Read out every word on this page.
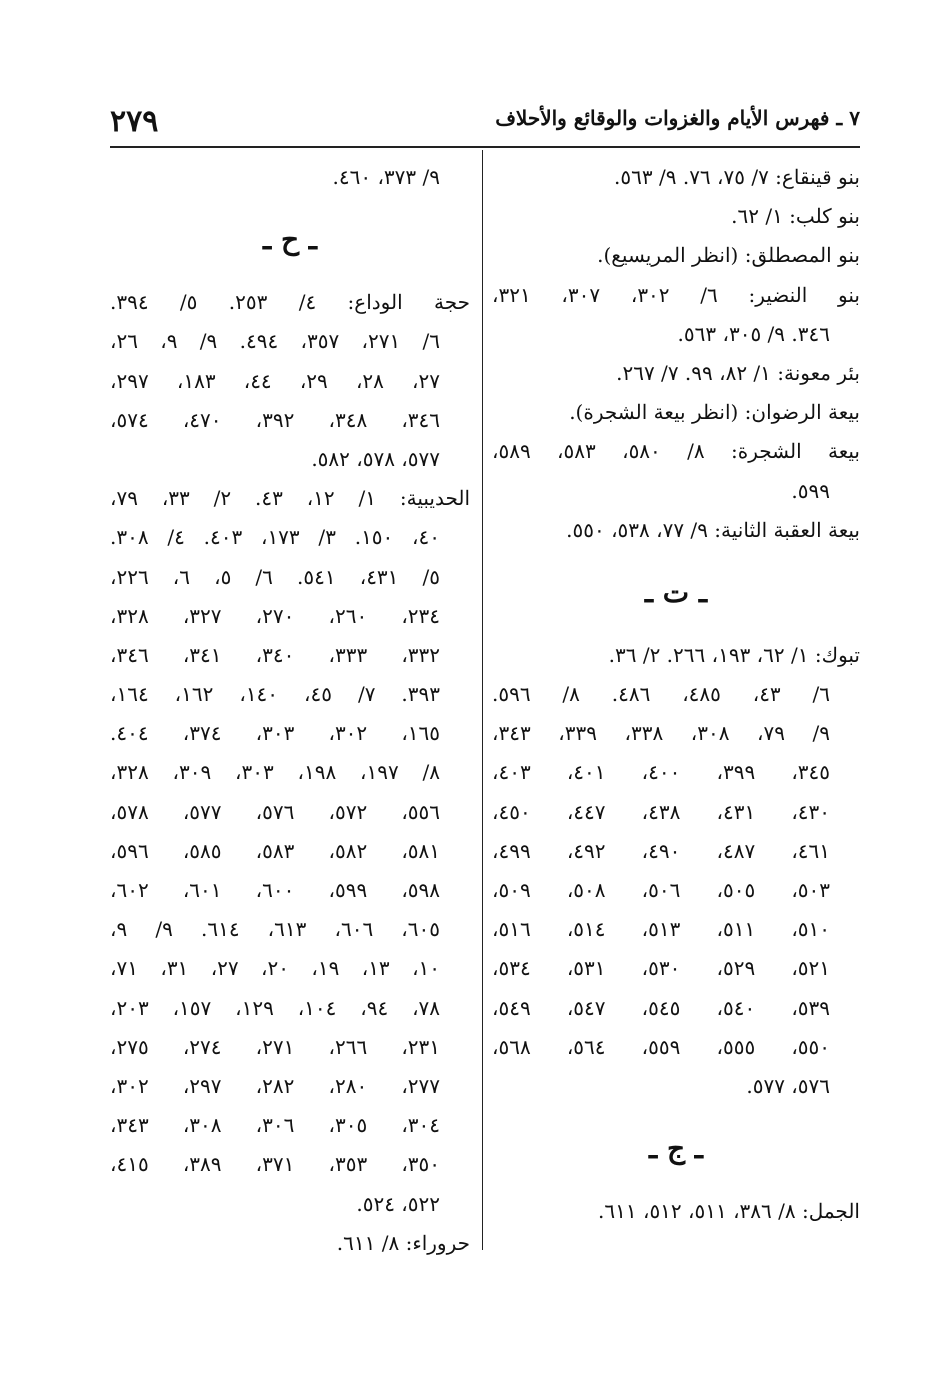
٢٧٩	٧ ـ فهرس الأيام والغزوات والوقائع والأحلاف
بنو قينقاع: ٧/ ٧٥، ٧٦. ٩/ ٥٦٣.
بنو كلب: ١/ ٦٢.
بنو المصطلق: (انظر المريسيع).
بنو النضير: ٦/ ٣٠٢، ٣٠٧، ٣٢١،
٣٤٦. ٩/ ٣٠٥، ٥٦٣.
بئر معونة: ١/ ٨٢، ٩٩. ٧/ ٢٦٧.
بيعة الرضوان: (انظر بيعة الشجرة).
بيعة الشجرة: ٨/ ٥٨٠، ٥٨٣، ٥٨٩،
٥٩٩.
بيعة العقبة الثانية: ٩/ ٧٧، ٥٣٨، ٥٥٠.
ـ ت ـ
تبوك: ١/ ٦٢، ١٩٣، ٢٦٦. ٢/ ٣٦.
٦/ ٤٣، ٤٨٥، ٤٨٦. ٨/ ٥٩٦.
٩/ ٧٩، ٣٠٨، ٣٣٨، ٣٣٩، ٣٤٣،
٣٤٥، ٣٩٩، ٤٠٠، ٤٠١، ٤٠٣،
٤٣٠، ٤٣١، ٤٣٨، ٤٤٧، ٤٥٠،
٤٦١، ٤٨٧، ٤٩٠، ٤٩٢، ٤٩٩،
٥٠٣، ٥٠٥، ٥٠٦، ٥٠٨، ٥٠٩،
٥١٠، ٥١١، ٥١٣، ٥١٤، ٥١٦،
٥٢١، ٥٢٩، ٥٣٠، ٥٣١، ٥٣٤،
٥٣٩، ٥٤٠، ٥٤٥، ٥٤٧، ٥٤٩،
٥٥٠، ٥٥٥، ٥٥٩، ٥٦٤، ٥٦٨،
٥٧٦، ٥٧٧.
ـ ج ـ
الجمل: ٨/ ٣٨٦، ٥١١، ٥١٢، ٦١١.
٩/ ٣٧٣، ٤٦٠.
ـ ح ـ
حجة الوداع: ٤/ ٢٥٣. ٥/ ٣٩٤.
٦/ ٢٧١، ٣٥٧، ٤٩٤. ٩/ ٩، ٢٦،
٢٧، ٢٨، ٢٩، ٤٤، ١٨٣، ٢٩٧،
٣٤٦، ٣٤٨، ٣٩٢، ٤٧٠، ٥٧٤،
٥٧٧، ٥٧٨، ٥٨٢.
الحديبية: ١/ ١٢، ٤٣. ٢/ ٣٣، ٧٩،
٤٠، ١٥٠. ٣/ ١٧٣، ٤٠٣. ٤/ ٣٠٨.
٥/ ٤٣١، ٥٤١. ٦/ ٥، ٦، ٢٢٦،
٢٣٤، ٢٦٠، ٢٧٠، ٣٢٧، ٣٢٨،
٣٣٢، ٣٣٣، ٣٤٠، ٣٤١، ٣٤٦،
٣٩٣. ٧/ ٤٥، ١٤٠، ١٦٢، ١٦٤،
١٦٥، ٣٠٢، ٣٠٣، ٣٧٤، ٤٠٤.
٨/ ١٩٧، ١٩٨، ٣٠٣، ٣٠٩، ٣٢٨،
٥٥٦، ٥٧٢، ٥٧٦، ٥٧٧، ٥٧٨،
٥٨١، ٥٨٢، ٥٨٣، ٥٨٥، ٥٩٦،
٥٩٨، ٥٩٩، ٦٠٠، ٦٠١، ٦٠٢،
٦٠٥، ٦٠٦، ٦١٣، ٦١٤. ٩/ ٩،
١٠، ١٣، ١٩، ٢٠، ٢٧، ٣١، ٧١،
٧٨، ٩٤، ١٠٤، ١٢٩، ١٥٧، ٢٠٣،
٢٣١، ٢٦٦، ٢٧١، ٢٧٤، ٢٧٥،
٢٧٧، ٢٨٠، ٢٨٢، ٢٩٧، ٣٠٢،
٣٠٤، ٣٠٥، ٣٠٦، ٣٠٨، ٣٤٣،
٣٥٠، ٣٥٣، ٣٧١، ٣٨٩، ٤١٥،
٥٢٢، ٥٢٤.
حروراء: ٨/ ٦١١.
